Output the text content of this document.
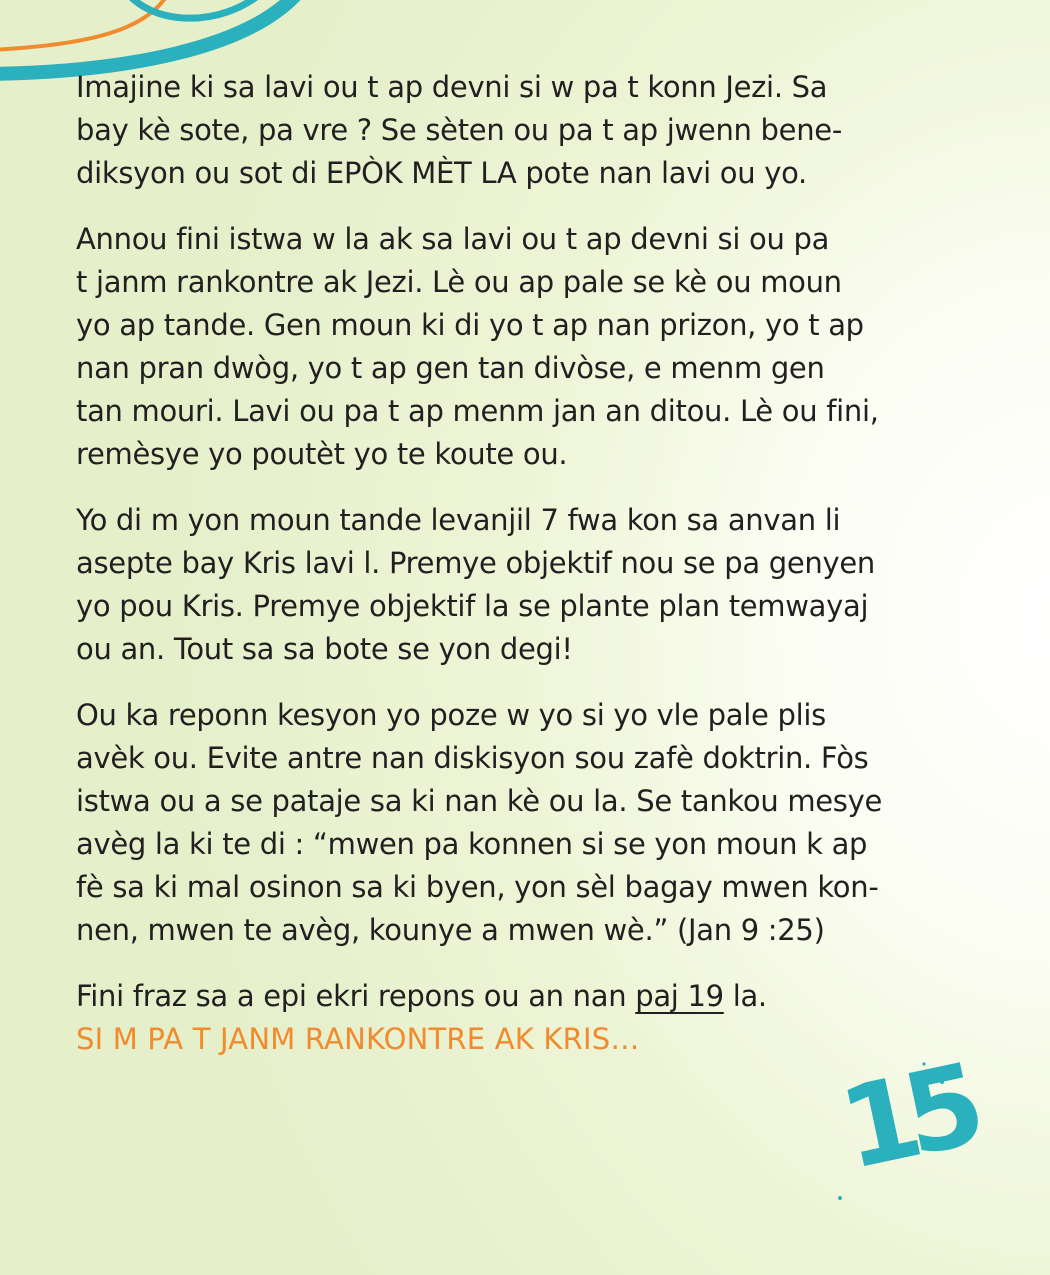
Imajine ki sa lavi ou t ap devni si w pa t konn Jezi. Sa
bay kè sote, pa vre ? Se sèten ou pa t ap jwenn bene-
diksyon ou sot di EPÒK MÈT LA pote nan lavi ou yo.

Annou fini istwa w la ak sa lavi ou t ap devni si ou pa
t janm rankontre ak Jezi. Lè ou ap pale se kè ou moun
yo ap tande. Gen moun ki di yo t ap nan prizon, yo t ap
nan pran dwòg, yo t ap gen tan divòse, e menm gen
tan mouri. Lavi ou pa t ap menm jan an ditou. Lè ou fini,
remèsye yo poutèt yo te koute ou.

Yo di m yon moun tande levanjil 7 fwa kon sa anvan li
asepte bay Kris lavi l. Premye objektif nou se pa genyen
yo pou Kris. Premye objektif la se plante plan temwayaj
ou an. Tout sa sa bote se yon degi!

Ou ka reponn kesyon yo poze w yo si yo vle pale plis
avèk ou. Evite antre nan diskisyon sou zafè doktrin. Fòs
istwa ou a se pataje sa ki nan kè ou la. Se tankou mesye
avèg la ki te di : “mwen pa konnen si se yon moun k ap
fè sa ki mal osinon sa ki byen, yon sèl bagay mwen kon-
nen, mwen te avèg, kounye a mwen wè.” (Jan 9 :25)

Fini fraz sa a epi ekri repons ou an nan paj 19 la.
SI M PA T JANM RANKONTRE AK KRIS…

15
